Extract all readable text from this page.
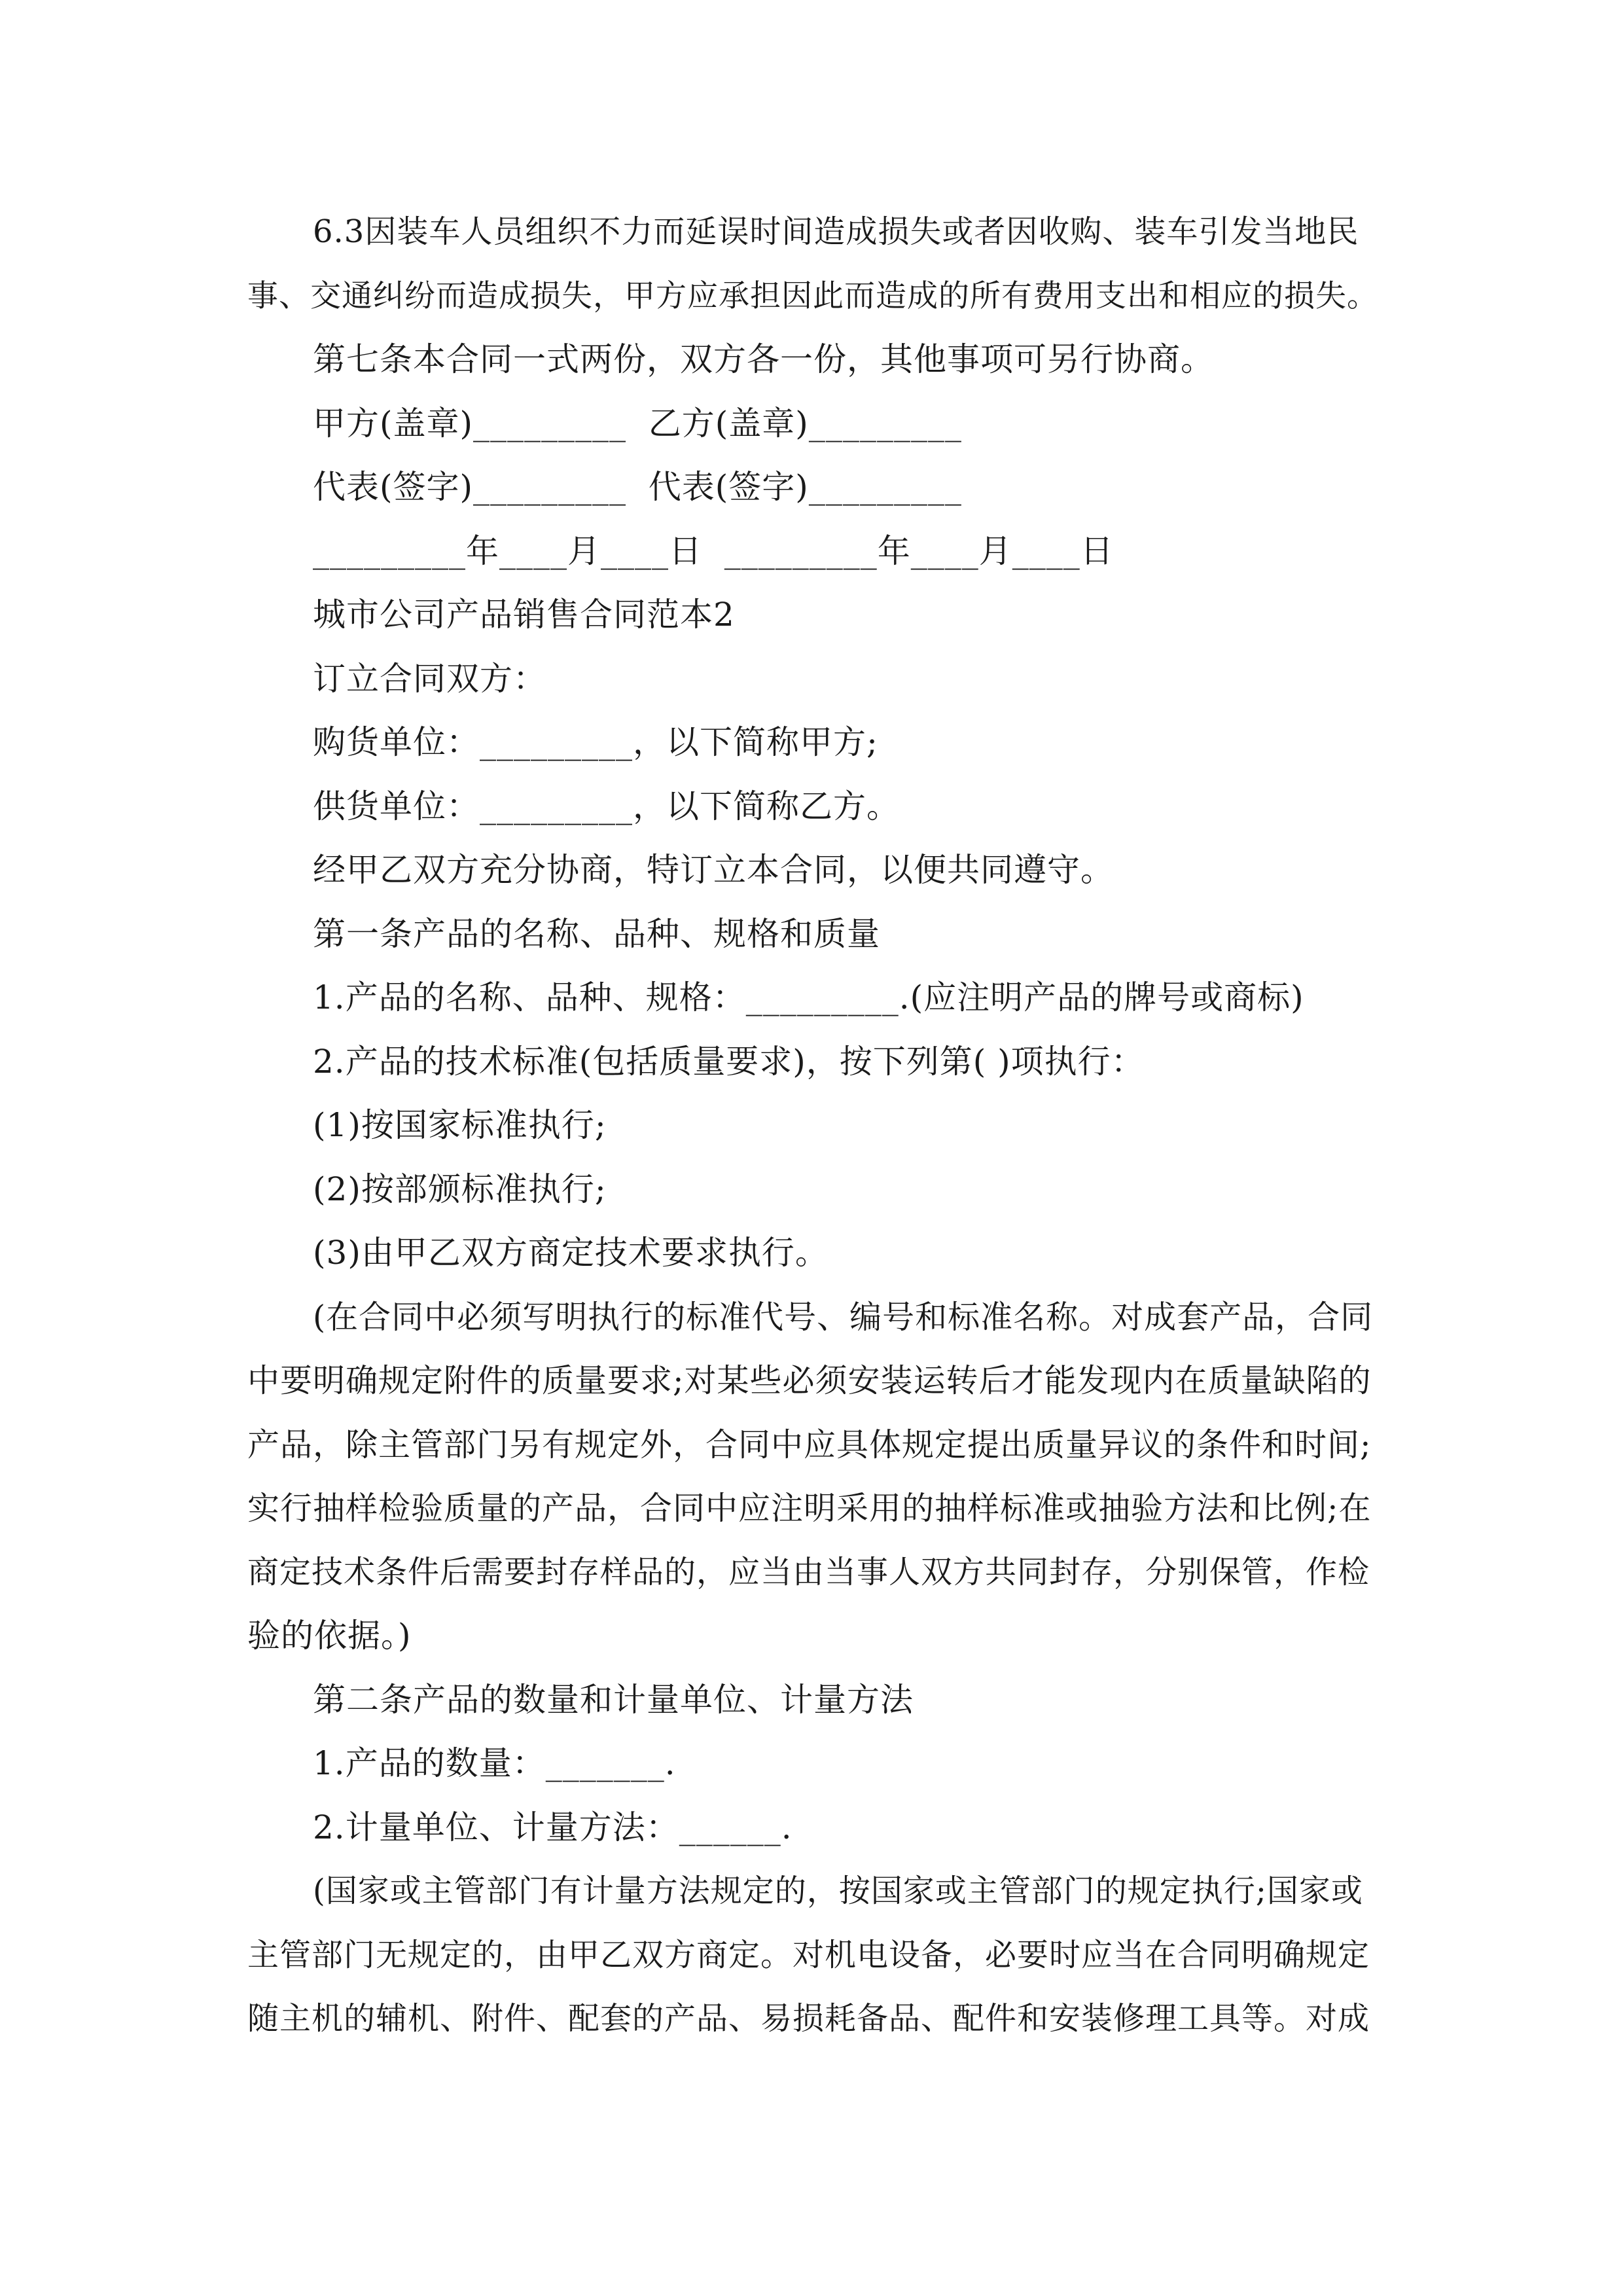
6.3因装车人员组织不力而延误时间造成损失或者因收购、装车引发当地民

事、交通纠纷而造成损失，甲方应承担因此而造成的所有费用支出和相应的损失。

第七条本合同一式两份，双方各一份，其他事项可另行协商。

甲方(盖章)_________  乙方(盖章)_________

代表(签字)_________  代表(签字)_________

_________年____月____日  _________年____月____日

城市公司产品销售合同范本2

订立合同双方：

购货单位：_________，以下简称甲方;

供货单位：_________，以下简称乙方。

经甲乙双方充分协商，特订立本合同，以便共同遵守。

第一条产品的名称、品种、规格和质量

1.产品的名称、品种、规格：_________.(应注明产品的牌号或商标)

2.产品的技术标准(包括质量要求)，按下列第( )项执行：

(1)按国家标准执行;

(2)按部颁标准执行;

(3)由甲乙双方商定技术要求执行。

(在合同中必须写明执行的标准代号、编号和标准名称。对成套产品，合同

中要明确规定附件的质量要求;对某些必须安装运转后才能发现内在质量缺陷的

产品，除主管部门另有规定外，合同中应具体规定提出质量异议的条件和时间;

实行抽样检验质量的产品，合同中应注明采用的抽样标准或抽验方法和比例;在

商定技术条件后需要封存样品的，应当由当事人双方共同封存，分别保管，作检

验的依据。)

第二条产品的数量和计量单位、计量方法

1.产品的数量：_______.

2.计量单位、计量方法：______.

(国家或主管部门有计量方法规定的，按国家或主管部门的规定执行;国家或

主管部门无规定的，由甲乙双方商定。对机电设备，必要时应当在合同明确规定

随主机的辅机、附件、配套的产品、易损耗备品、配件和安装修理工具等。对成
